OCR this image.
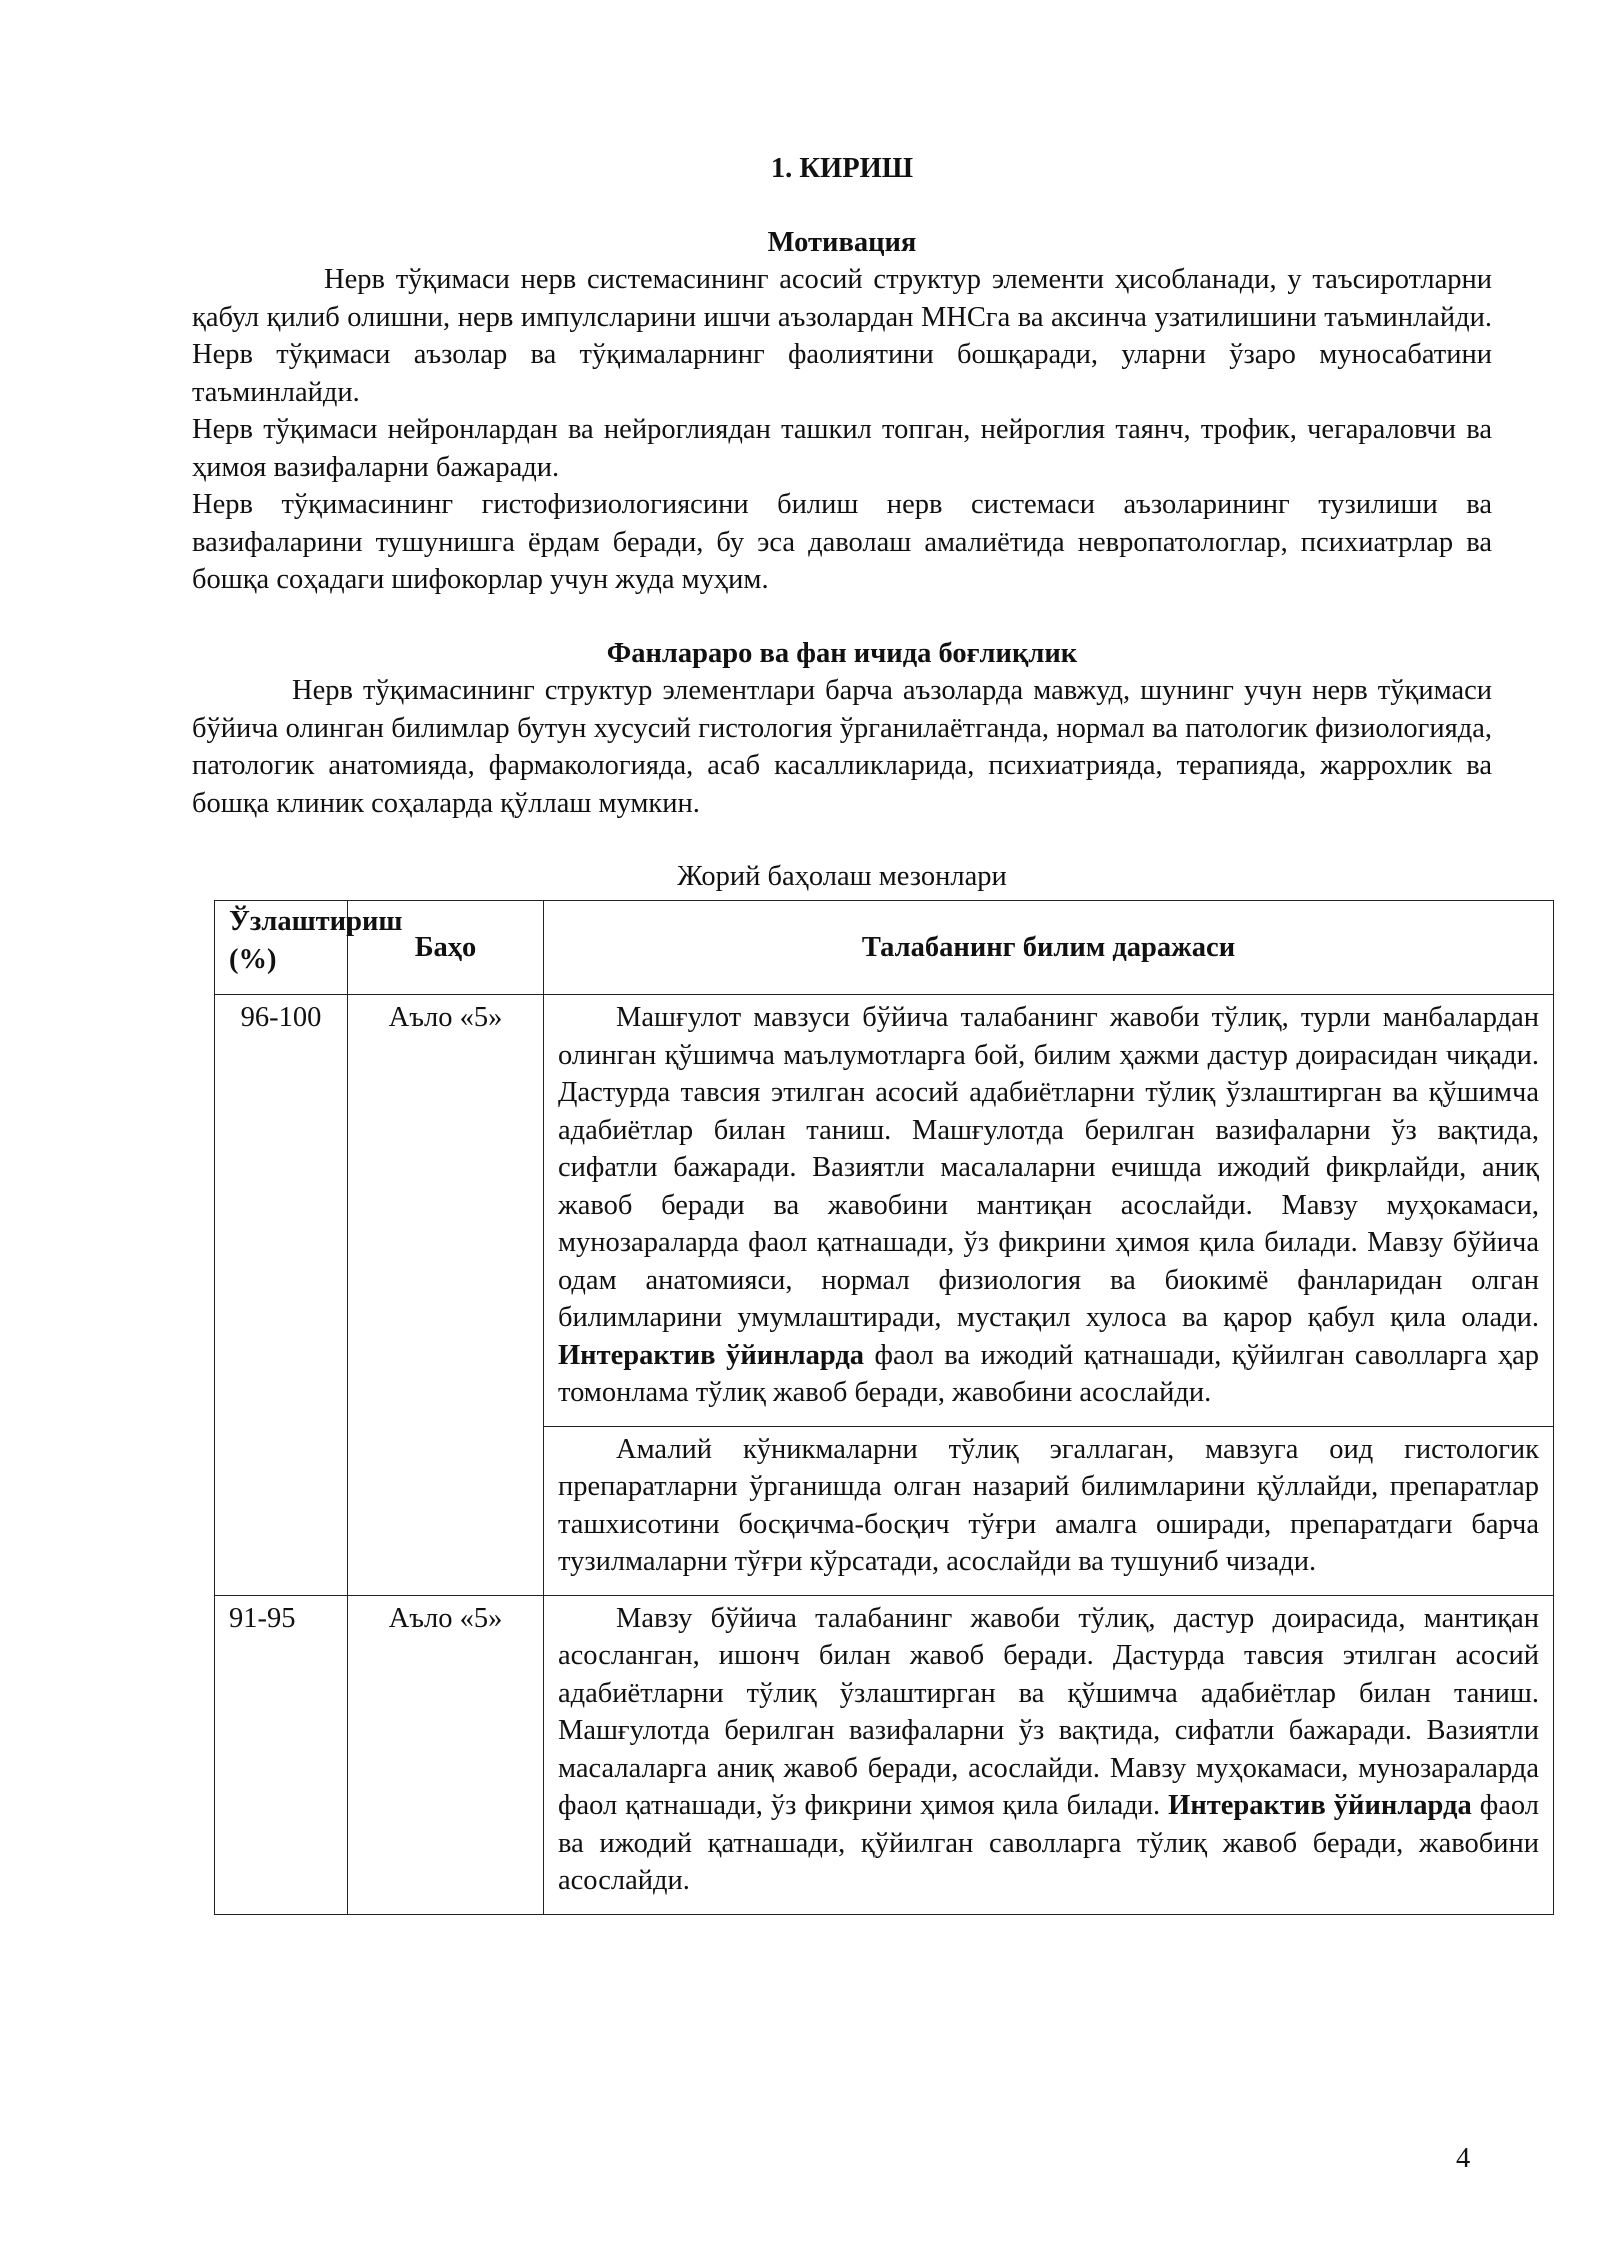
1. КИРИШ

Мотивация

Нерв тўқимаси нерв системасининг асосий структур элементи ҳисобланади, у таъсиротларни қабул қилиб олишни, нерв импулсларини ишчи аъзолардан МНСга ва аксинча узатилишини таъминлайди. Нерв тўқимаси аъзолар ва тўқималарнинг фаолиятини бошқаради, уларни ўзаро муносабатини таъминлайди.

Нерв тўқимаси нейронлардан ва нейроглиядан ташкил топган, нейроглия таянч, трофик, чегараловчи ва ҳимоя вазифаларни бажаради.

Нерв тўқимасининг гистофизиологиясини билиш нерв системаси аъзоларининг тузилиши ва вазифаларини тушунишга ёрдам беради, бу эса даволаш амалиётида невропатологлар, психиатрлар ва бошқа соҳадаги шифокорлар учун жуда муҳим.

Фанлараро ва фан ичида боғлиқлик

Нерв тўқимасининг структур элементлари барча аъзоларда мавжуд, шунинг учун нерв тўқимаси бўйича олинган билимлар бутун хусусий гистология ўрганилаётганда, нормал ва патологик физиологияда, патологик анатомияда, фармакологияда, асаб касалликларида, психиатрияда, терапияда, жаррохлик ва бошқа клиник соҳаларда қўллаш мумкин.

Жорий баҳолаш мезонлари

Ўзлаштириш (%)	Баҳо	Талабанинг билим даражаси
96-100	Аъло «5»	Машғулот мавзуси бўйича талабанинг жавоби тўлиқ, турли манбалардан олинган қўшимча маълумотларга бой, билим ҳажми дастур доирасидан чиқади. Дастурда тавсия этилган асосий адабиётларни тўлиқ ўзлаштирган ва қўшимча адабиётлар билан таниш. Машғулотда берилган вазифаларни ўз вақтида, сифатли бажаради. Вазиятли масалаларни ечишда ижодий фикрлайди, аниқ жавоб беради ва жавобини мантиқан асослайди. Мавзу муҳокамаси, мунозараларда фаол қатнашади, ўз фикрини ҳимоя қила билади. Мавзу бўйича одам анатомияси, нормал физиология ва биокимё фанларидан олган билимларини умумлаштиради, мустақил хулоса ва қарор қабул қила олади. Интерактив ўйинларда фаол ва ижодий қатнашади, қўйилган саволларга ҳар томонлама тўлиқ жавоб беради, жавобини асослайди.
		Амалий кўникмаларни тўлиқ эгаллаган, мавзуга оид гистологик препаратларни ўрганишда олган назарий билимларини қўллайди, препаратлар ташхисотини босқичма-босқич тўғри амалга оширади, препаратдаги барча тузилмаларни тўғри кўрсатади, асослайди ва тушуниб чизади.
91-95	Аъло «5»	Мавзу бўйича талабанинг жавоби тўлиқ, дастур доирасида, мантиқан асосланган, ишонч билан жавоб беради. Дастурда тавсия этилган асосий адабиётларни тўлиқ ўзлаштирган ва қўшимча адабиётлар билан таниш. Машғулотда берилган вазифаларни ўз вақтида, сифатли бажаради. Вазиятли масалаларга аниқ жавоб беради, асослайди. Мавзу муҳокамаси, мунозараларда фаол қатнашади, ўз фикрини ҳимоя қила билади. Интерактив ўйинларда фаол ва ижодий қатнашади, қўйилган саволларга тўлиқ жавоб беради, жавобини асослайди.
4
